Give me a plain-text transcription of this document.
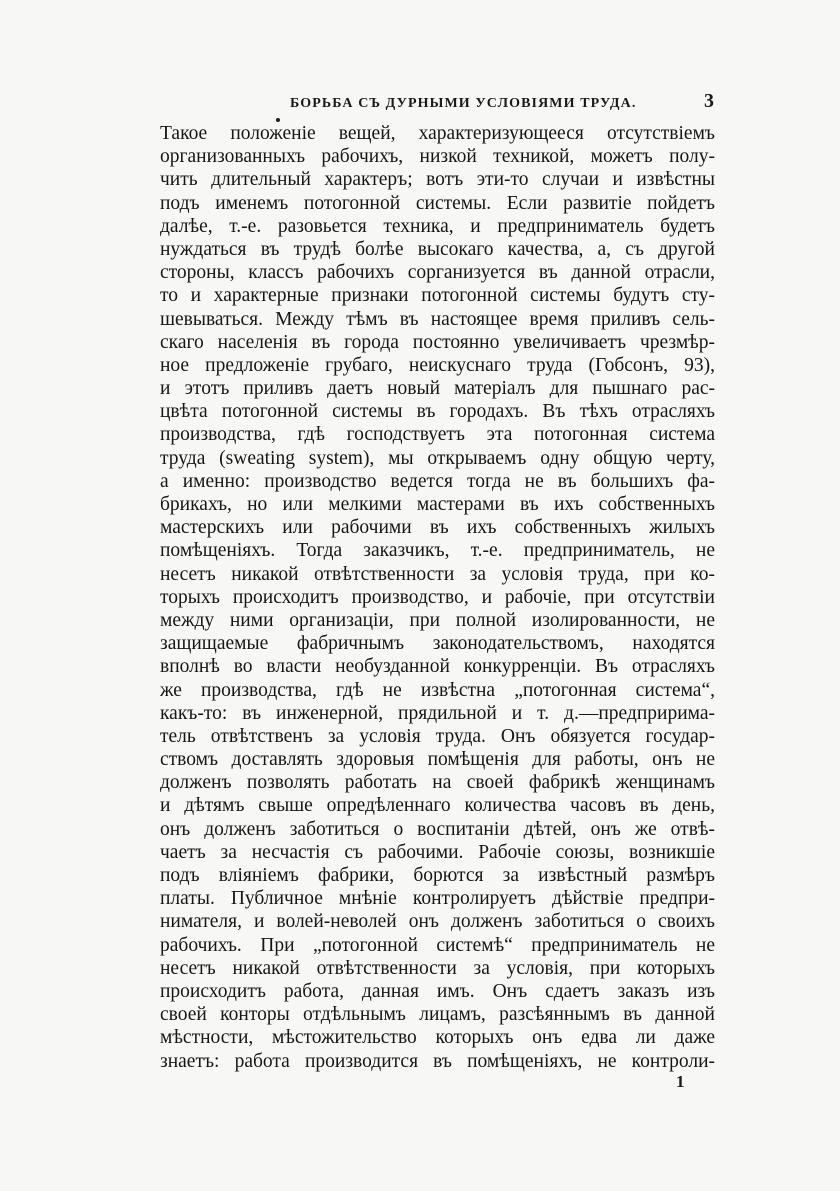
БОРЬБА СЪ ДУРНЫМИ УСЛОВІЯМИ ТРУДА.	3
Такое положеніе вещей, характеризующееся отсутствіемъ
организованныхъ рабочихъ, низкой техникой, можетъ полу-
чить длительный характеръ; вотъ эти-то случаи и извѣстны
подъ именемъ потогонной системы. Если развитіе пойдетъ
далѣе, т.-е. разовьется техника, и предприниматель будетъ
нуждаться въ трудѣ болѣе высокаго качества, а, съ другой
стороны, классъ рабочихъ сорганизуется въ данной отрасли,
то и характерные признаки потогонной системы будутъ сту-
шевываться. Между тѣмъ въ настоящее время приливъ сель-
скаго населенія въ города постоянно увеличиваетъ чрезмѣр-
ное предложеніе грубаго, неискуснаго труда (Гобсонъ, 93),
и этотъ приливъ даетъ новый матеріалъ для пышнаго рас-
цвѣта потогонной системы въ городахъ. Въ тѣхъ отрасляхъ
производства, гдѣ господствуетъ эта потогонная система
труда (sweating system), мы открываемъ одну общую черту,
а именно: производство ведется тогда не въ большихъ фа-
брикахъ, но или мелкими мастерами въ ихъ собственныхъ
мастерскихъ или рабочими въ ихъ собственныхъ жилыхъ
помѣщеніяхъ. Тогда заказчикъ, т.-е. предприниматель, не
несетъ никакой отвѣтственности за условія труда, при ко-
торыхъ происходитъ производство, и рабочіе, при отсутствіи
между ними организаціи, при полной изолированности, не
защищаемые фабричнымъ законодательствомъ, находятся
вполнѣ во власти необузданной конкурренціи. Въ отрасляхъ
же производства, гдѣ не извѣстна „потогонная система“,
какъ-то: въ инженерной, прядильной и т. д.—предпририма-
тель отвѣтственъ за условія труда. Онъ обязуется государ-
ствомъ доставлять здоровыя помѣщенія для работы, онъ не
долженъ позволять работать на своей фабрикѣ женщинамъ
и дѣтямъ свыше опредѣленнаго количества часовъ въ день,
онъ долженъ заботиться о воспитаніи дѣтей, онъ же отвѣ-
чаетъ за несчастія съ рабочими. Рабочіе союзы, возникшіе
подъ вліяніемъ фабрики, борются за извѣстный размѣръ
платы. Публичное мнѣніе контролируетъ дѣйствіе предпри-
нимателя, и волей-неволей онъ долженъ заботиться о своихъ
рабочихъ. При „потогонной системѣ“ предприниматель не
несетъ никакой отвѣтственности за условія, при которыхъ
происходитъ работа, данная имъ. Онъ сдаетъ заказъ изъ
своей конторы отдѣльнымъ лицамъ, разсѣяннымъ въ данной
мѣстности, мѣстожительство которыхъ онъ едва ли даже
знаетъ: работа производится въ помѣщеніяхъ, не контроли-
1
